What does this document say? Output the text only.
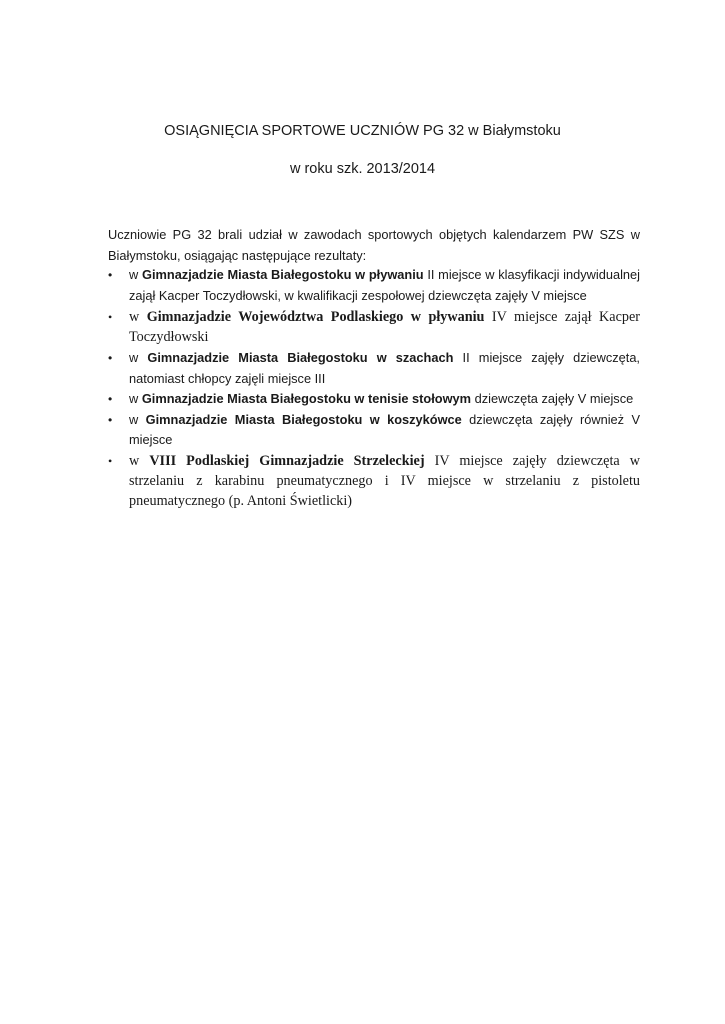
OSIĄGNIĘCIA SPORTOWE UCZNIÓW PG 32 w Białymstoku

w roku szk. 2013/2014

Uczniowie PG 32 brali udział w zawodach sportowych objętych kalendarzem PW SZS w Białymstoku, osiągając następujące rezultaty:

•	w Gimnazjadzie Miasta Białegostoku w pływaniu II miejsce w klasyfikacji indywidualnej zajął Kacper Toczydłowski, w kwalifikacji zespołowej dziewczęta zajęły V miejsce
•	w Gimnazjadzie Województwa Podlaskiego w pływaniu IV miejsce zajął Kacper Toczydłowski
•	w Gimnazjadzie Miasta Białegostoku w szachach II miejsce zajęły dziewczęta, natomiast chłopcy zajęli miejsce III
•	w Gimnazjadzie Miasta Białegostoku w tenisie stołowym dziewczęta zajęły V miejsce
•	w Gimnazjadzie Miasta Białegostoku w koszykówce dziewczęta zajęły również V miejsce
•	w VIII Podlaskiej Gimnazjadzie Strzeleckiej IV miejsce zajęły dziewczęta w strzelaniu z karabinu pneumatycznego i IV miejsce w strzelaniu z pistoletu pneumatycznego (p. Antoni Świetlicki)
